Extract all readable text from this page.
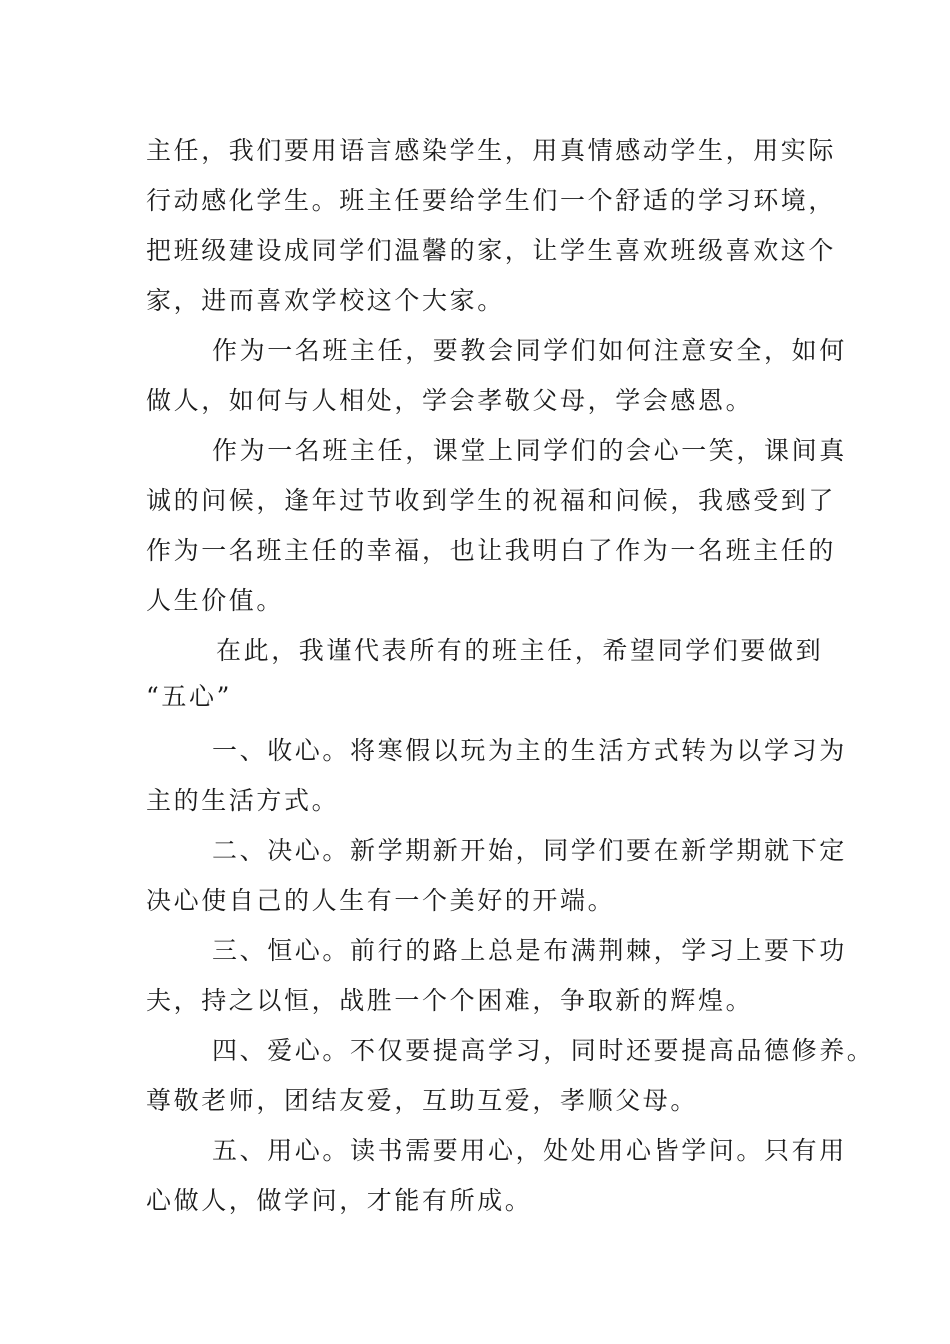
主任，我们要用语言感染学生，用真情感动学生，用实际
行动感化学生。班主任要给学生们一个舒适的学习环境，
把班级建设成同学们温馨的家，让学生喜欢班级喜欢这个
家，进而喜欢学校这个大家。
作为一名班主任，要教会同学们如何注意安全，如何
做人，如何与人相处，学会孝敬父母，学会感恩。
作为一名班主任，课堂上同学们的会心一笑，课间真
诚的问候，逢年过节收到学生的祝福和问候，我感受到了
作为一名班主任的幸福，也让我明白了作为一名班主任的
人生价值。
在此，我谨代表所有的班主任，希望同学们要做到
“五心”
一、收心。将寒假以玩为主的生活方式转为以学习为
主的生活方式。
二、决心。新学期新开始，同学们要在新学期就下定
决心使自己的人生有一个美好的开端。
三、恒心。前行的路上总是布满荆棘，学习上要下功
夫，持之以恒，战胜一个个困难，争取新的辉煌。
四、爱心。不仅要提高学习，同时还要提高品德修养。
尊敬老师，团结友爱，互助互爱，孝顺父母。
五、用心。读书需要用心，处处用心皆学问。只有用
心做人，做学问，才能有所成。
